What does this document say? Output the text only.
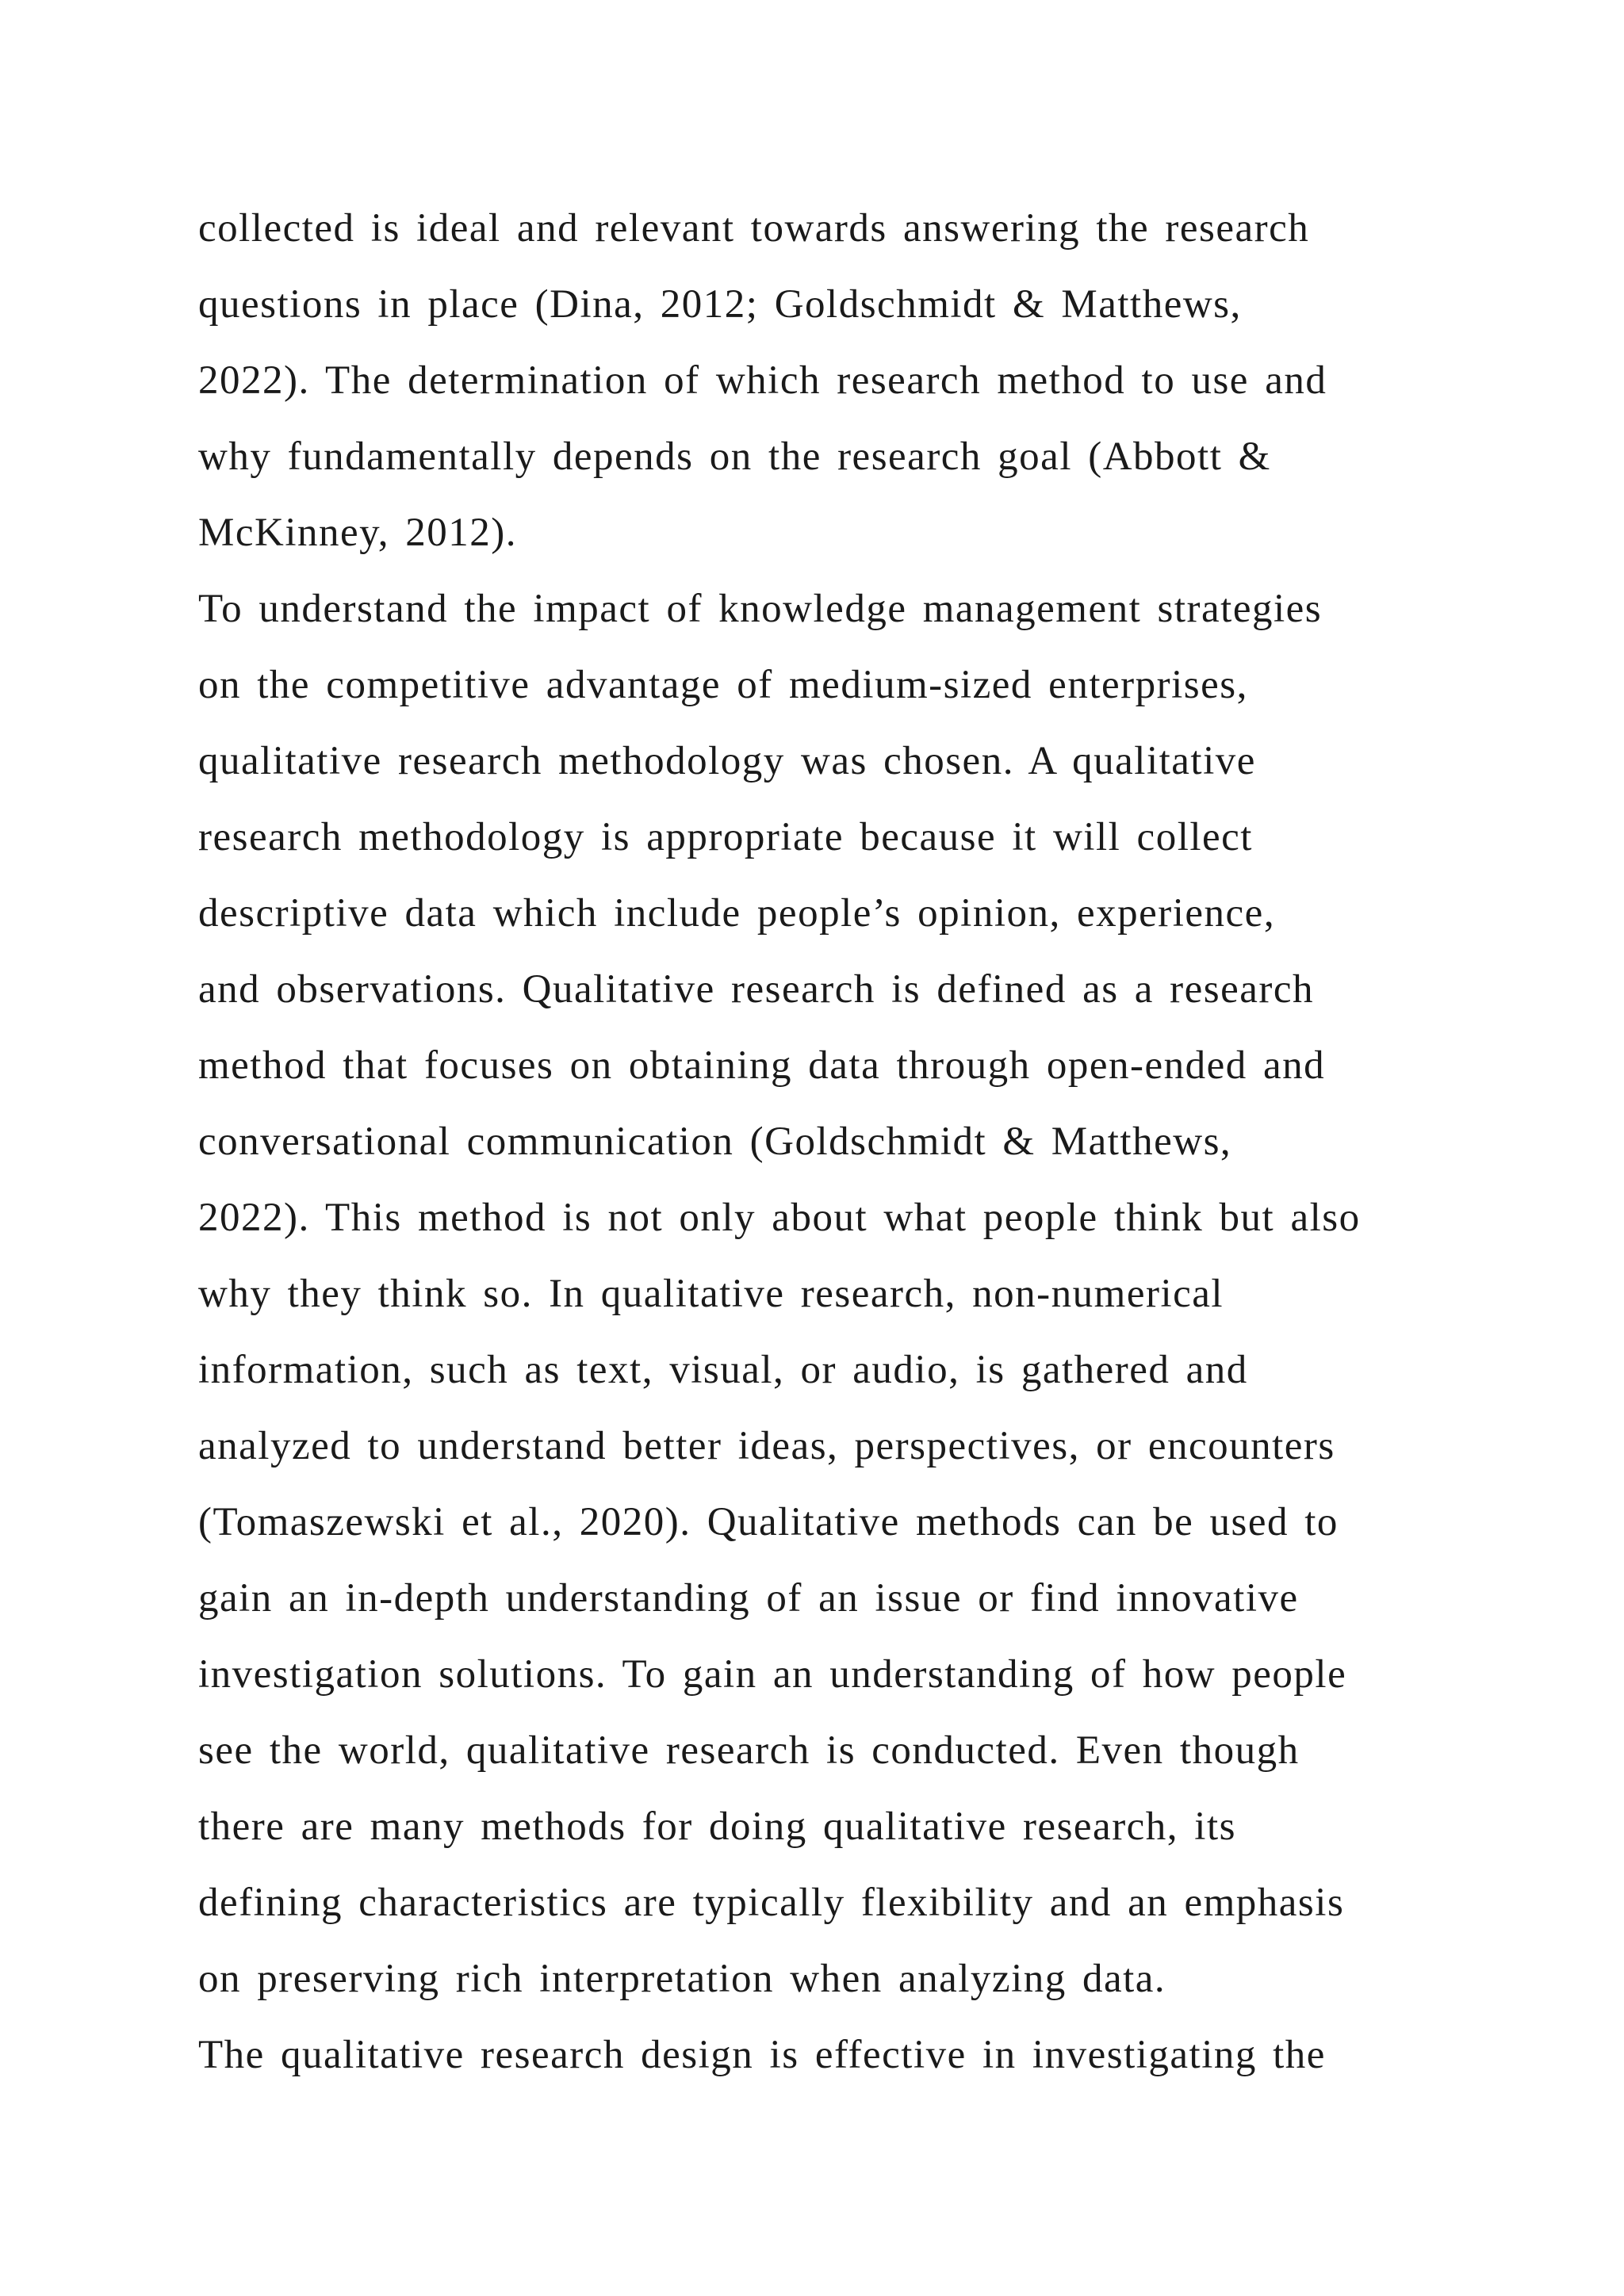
collected is ideal and relevant towards answering the research
questions in place (Dina, 2012; Goldschmidt & Matthews,
2022). The determination of which research method to use and
why fundamentally depends on the research goal (Abbott &
McKinney, 2012).
To understand the impact of knowledge management strategies
on the competitive advantage of medium-sized enterprises,
qualitative research methodology was chosen. A qualitative
research methodology is appropriate because it will collect
descriptive data which include people’s opinion, experience,
and observations. Qualitative research is defined as a research
method that focuses on obtaining data through open-ended and
conversational communication (Goldschmidt & Matthews,
2022). This method is not only about what people think but also
why they think so. In qualitative research, non-numerical
information, such as text, visual, or audio, is gathered and
analyzed to understand better ideas, perspectives, or encounters
(Tomaszewski et al., 2020). Qualitative methods can be used to
gain an in-depth understanding of an issue or find innovative
investigation solutions. To gain an understanding of how people
see the world, qualitative research is conducted. Even though
there are many methods for doing qualitative research, its
defining characteristics are typically flexibility and an emphasis
on preserving rich interpretation when analyzing data.
The qualitative research design is effective in investigating the
